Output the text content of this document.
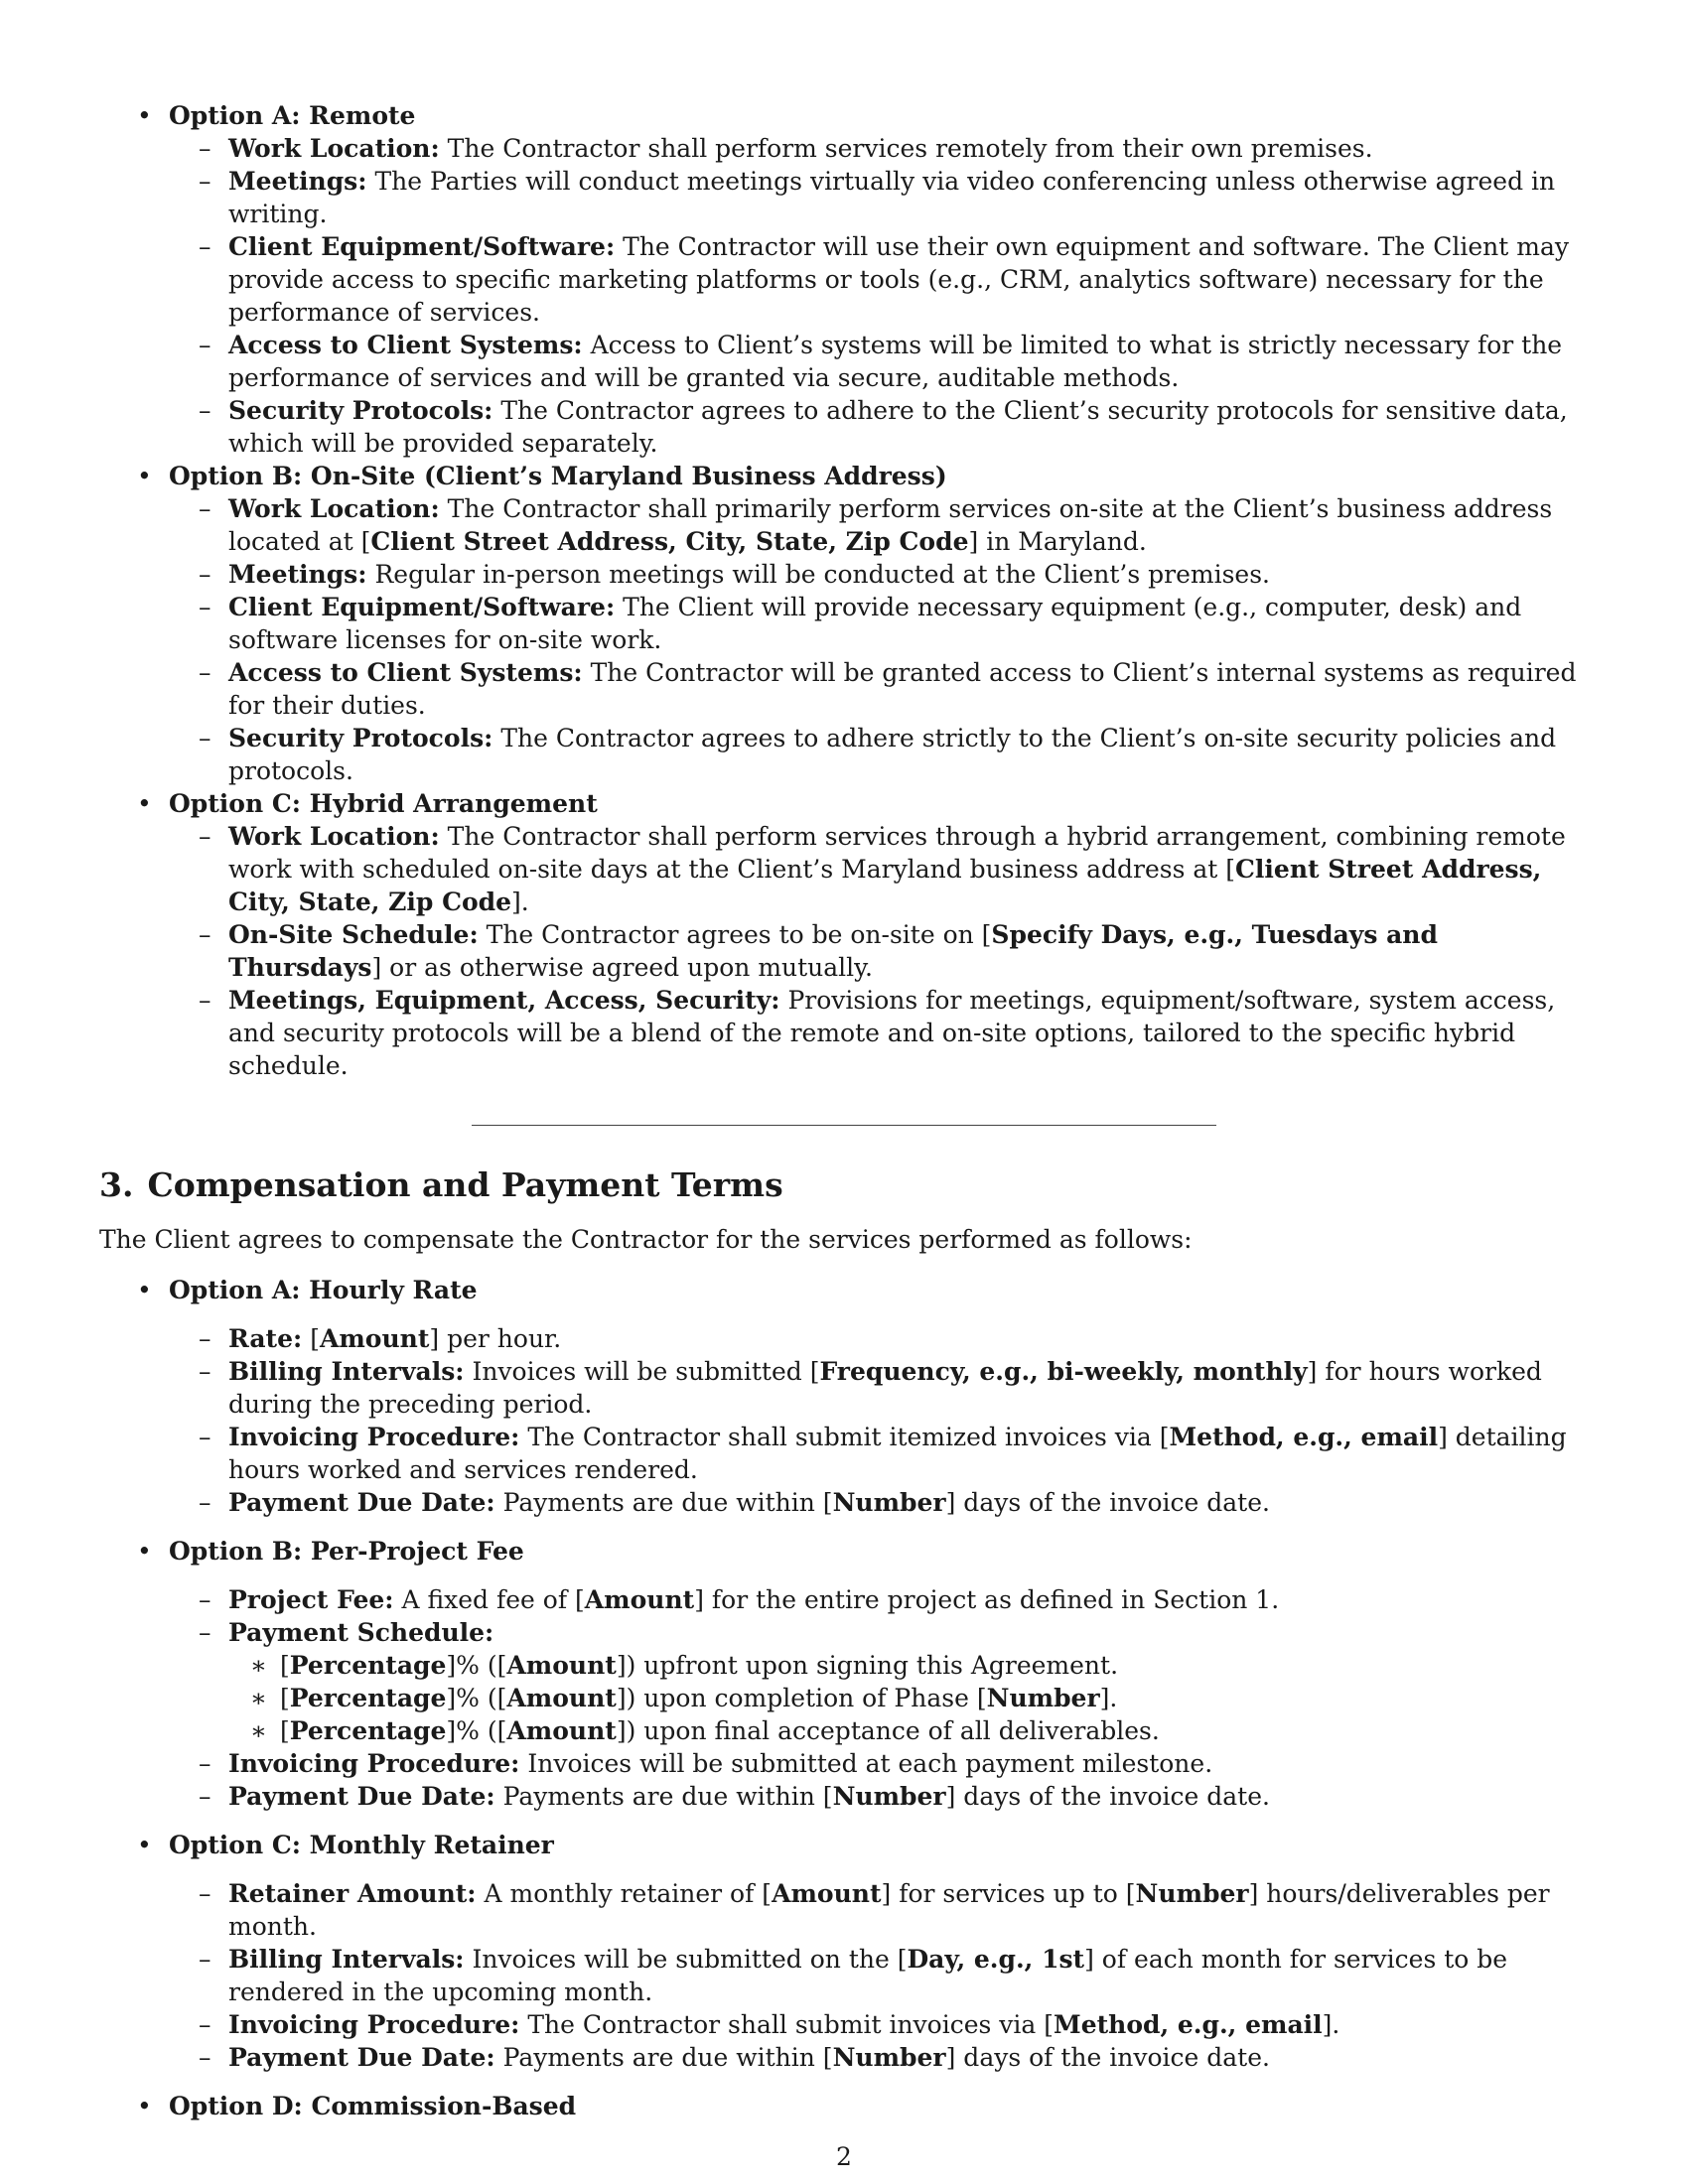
• Option A: Remote
– Work Location: The Contractor shall perform services remotely from their own premises.
– Meetings: The Parties will conduct meetings virtually via video conferencing unless otherwise agreed in writing.
– Client Equipment/Software: The Contractor will use their own equipment and software. The Client may provide access to specific marketing platforms or tools (e.g., CRM, analytics software) necessary for the performance of services.
– Access to Client Systems: Access to Client’s systems will be limited to what is strictly necessary for the performance of services and will be granted via secure, auditable methods.
– Security Protocols: The Contractor agrees to adhere to the Client’s security protocols for sensitive data, which will be provided separately.
• Option B: On-Site (Client’s Maryland Business Address)
– Work Location: The Contractor shall primarily perform services on-site at the Client’s business address located at [Client Street Address, City, State, Zip Code] in Maryland.
– Meetings: Regular in-person meetings will be conducted at the Client’s premises.
– Client Equipment/Software: The Client will provide necessary equipment (e.g., computer, desk) and software licenses for on-site work.
– Access to Client Systems: The Contractor will be granted access to Client’s internal systems as required for their duties.
– Security Protocols: The Contractor agrees to adhere strictly to the Client’s on-site security policies and protocols.
• Option C: Hybrid Arrangement
– Work Location: The Contractor shall perform services through a hybrid arrangement, combining remote work with scheduled on-site days at the Client’s Maryland business address at [Client Street Address, City, State, Zip Code].
– On-Site Schedule: The Contractor agrees to be on-site on [Specify Days, e.g., Tuesdays and Thursdays] or as otherwise agreed upon mutually.
– Meetings, Equipment, Access, Security: Provisions for meetings, equipment/software, system access, and security protocols will be a blend of the remote and on-site options, tailored to the specific hybrid schedule.
3. Compensation and Payment Terms

The Client agrees to compensate the Contractor for the services performed as follows:

• Option A: Hourly Rate
– Rate: [Amount] per hour.
– Billing Intervals: Invoices will be submitted [Frequency, e.g., bi-weekly, monthly] for hours worked during the preceding period.
– Invoicing Procedure: The Contractor shall submit itemized invoices via [Method, e.g., email] detailing hours worked and services rendered.
– Payment Due Date: Payments are due within [Number] days of the invoice date.
• Option B: Per-Project Fee
– Project Fee: A fixed fee of [Amount] for the entire project as defined in Section 1.
– Payment Schedule:
∗ [Percentage]% ([Amount]) upfront upon signing this Agreement.
∗ [Percentage]% ([Amount]) upon completion of Phase [Number].
∗ [Percentage]% ([Amount]) upon final acceptance of all deliverables.
– Invoicing Procedure: Invoices will be submitted at each payment milestone.
– Payment Due Date: Payments are due within [Number] days of the invoice date.
• Option C: Monthly Retainer
– Retainer Amount: A monthly retainer of [Amount] for services up to [Number] hours/deliverables per month.
– Billing Intervals: Invoices will be submitted on the [Day, e.g., 1st] of each month for services to be rendered in the upcoming month.
– Invoicing Procedure: The Contractor shall submit invoices via [Method, e.g., email].
– Payment Due Date: Payments are due within [Number] days of the invoice date.
• Option D: Commission-Based
2
